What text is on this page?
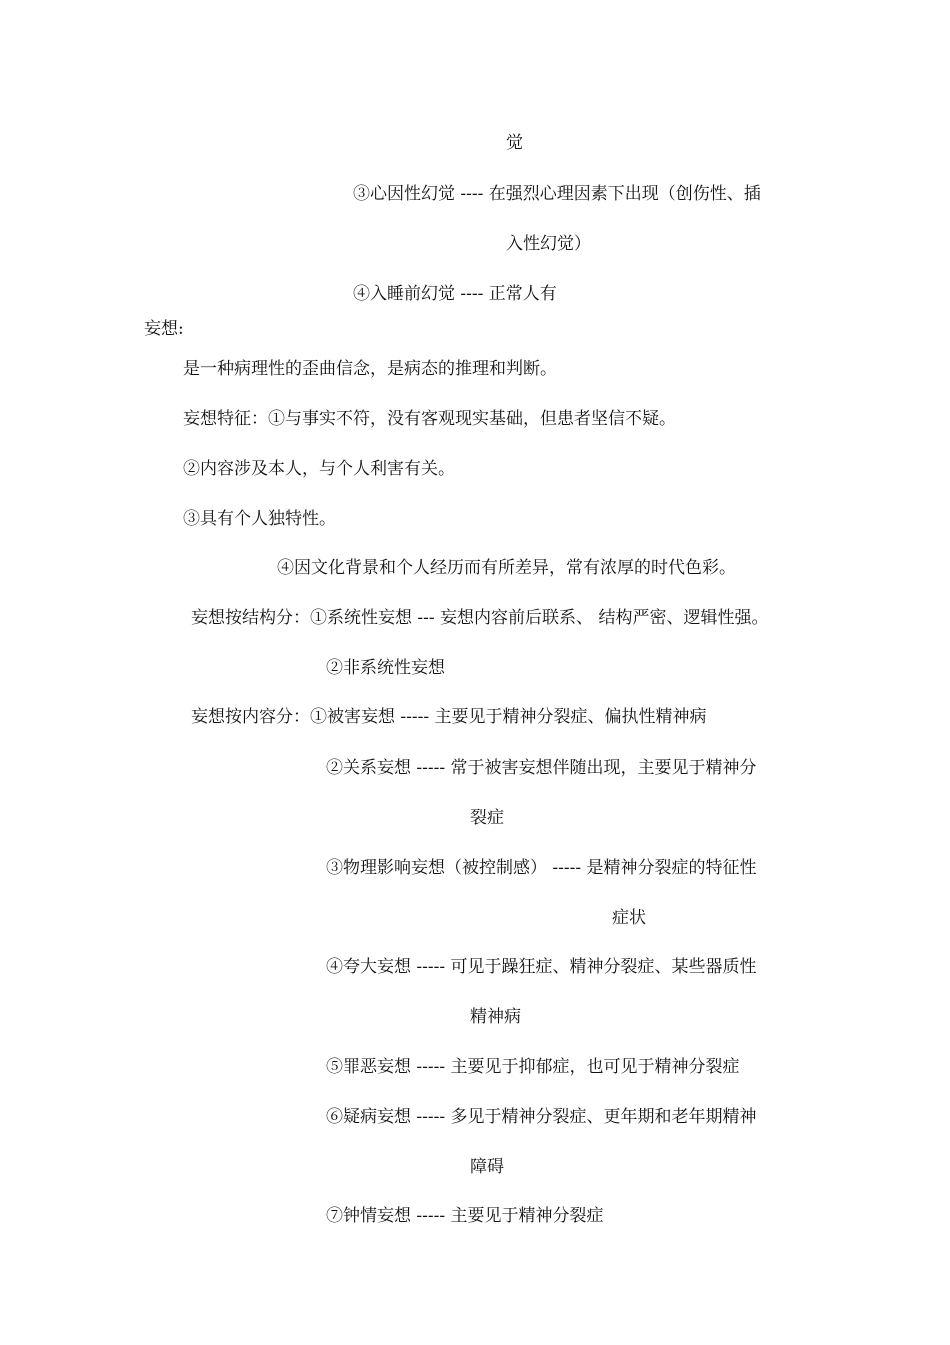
觉
③心因性幻觉 ---- 在强烈心理因素下出现（创伤性、插
入性幻觉）
④入睡前幻觉 ---- 正常人有
妄想:
是一种病理性的歪曲信念，是病态的推理和判断。
妄想特征：①与事实不符，没有客观现实基础，但患者坚信不疑。
②内容涉及本人，与个人利害有关。
③具有个人独特性。
④因文化背景和个人经历而有所差异，常有浓厚的时代色彩。
妄想按结构分：①系统性妄想 --- 妄想内容前后联系、 结构严密、逻辑性强。
②非系统性妄想
妄想按内容分：①被害妄想 ----- 主要见于精神分裂症、偏执性精神病
②关系妄想 ----- 常于被害妄想伴随出现，主要见于精神分
裂症
③物理影响妄想（被控制感） ----- 是精神分裂症的特征性
症状
④夸大妄想 ----- 可见于躁狂症、精神分裂症、某些器质性
精神病
⑤罪恶妄想 ----- 主要见于抑郁症，也可见于精神分裂症
⑥疑病妄想 ----- 多见于精神分裂症、更年期和老年期精神
障碍
⑦钟情妄想 ----- 主要见于精神分裂症
